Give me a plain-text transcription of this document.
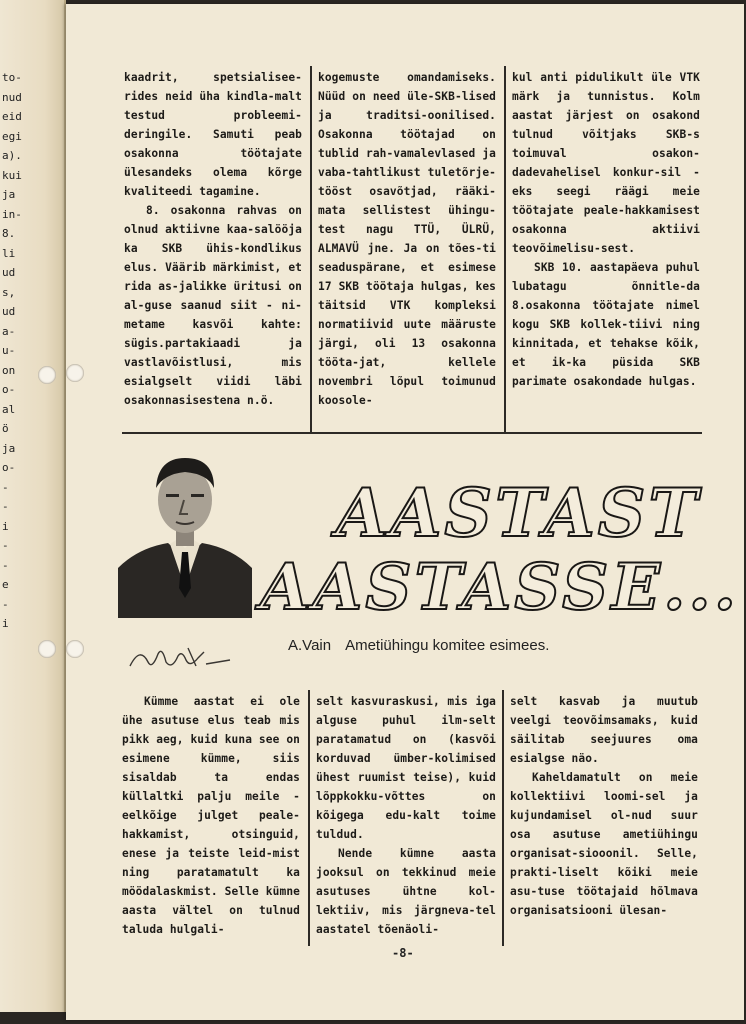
to-
nud
eid
egi
a).
kui
ja
in-
8.
li
ud
s,
ud
a-
u-
on
o-
al
ö
ja
o-
-
-
i
-
-
e
-
i

kaadrit, spetsialisee-rides neid üha kindla-malt testud probleemi-deringile. Samuti peab osakonna töötajate ülesandeks olema kõrge kvaliteedi tagamine.

8. osakonna rahvas on olnud aktiivne kaa-salööja ka SKB ühis-kondlikus elus. Väärib märkimist, et rida as-jalikke üritusi on al-guse saanud siit - ni-metame kasvõi kahte: sügis.partakiaadi ja vastlavõistlusi, mis esialgselt viidi läbi osakonnasisestena n.ö.

kogemuste omandamiseks. Nüüd on need üle-SKB-lised ja traditsi-oonilised. Osakonna töötajad on tublid rah-vamalevlased ja vaba-tahtlikust tuletõrje-tööst osavõtjad, rääki-mata sellistest ühingu-test nagu TTÜ, ÜLRÜ, ALMAVÜ jne. Ja on tões-ti seaduspärane, et esimese 17 SKB töötaja hulgas, kes täitsid VTK kompleksi normatiivid uute määruste järgi, oli 13 osakonna tööta-jat, kellele novembri lõpul toimunud koosole-

kul anti pidulikult üle VTK märk ja tunnistus. Kolm aastat järjest on osakond tulnud võitjaks SKB-s toimuval osakon-dadevahelisel konkur-sil - eks seegi räägi meie töötajate peale-hakkamisest osakonna aktiivi teovõimelisu-sest.

SKB 10. aastapäeva puhul lubatagu õnnitle-da 8.osakonna töötajate nimel kogu SKB kollek-tiivi ning kinnitada, et tehakse kõik, et ik-ka püsida SKB parimate osakondade hulgas.

AASTAST
AASTASSE...
A.Vain Ametiühingu komitee esimees.

Kümme aastat ei ole ühe asutuse elus teab mis pikk aeg, kuid kuna see on esimene kümme, siis sisaldab ta endas küllaltki palju meile - eelkõige julget peale-hakkamist, otsinguid, enese ja teiste leid-mist ning paratamatult ka möödalaskmist. Selle kümne aasta vältel on tulnud taluda hulgali-

selt kasvuraskusi, mis iga alguse puhul ilm-selt paratamatud on (kasvõi korduvad ümber-kolimised ühest ruumist teise), kuid lõppkokku-võttes on kõigega edu-kalt toime tuldud.

Nende kümne aasta jooksul on tekkinud meie asutuses ühtne kol-lektiiv, mis järgneva-tel aastatel tõenäoli-

selt kasvab ja muutub veelgi teovõimsamaks, kuid säilitab seejuures oma esialgse näo.

Kaheldamatult on meie kollektiivi loomi-sel ja kujundamisel ol-nud suur osa asutuse ametiühingu organisat-siooonil. Selle, prakti-liselt kõiki meie asu-tuse töötajaid hõlmava organisatsiooni ülesan-

-8-
